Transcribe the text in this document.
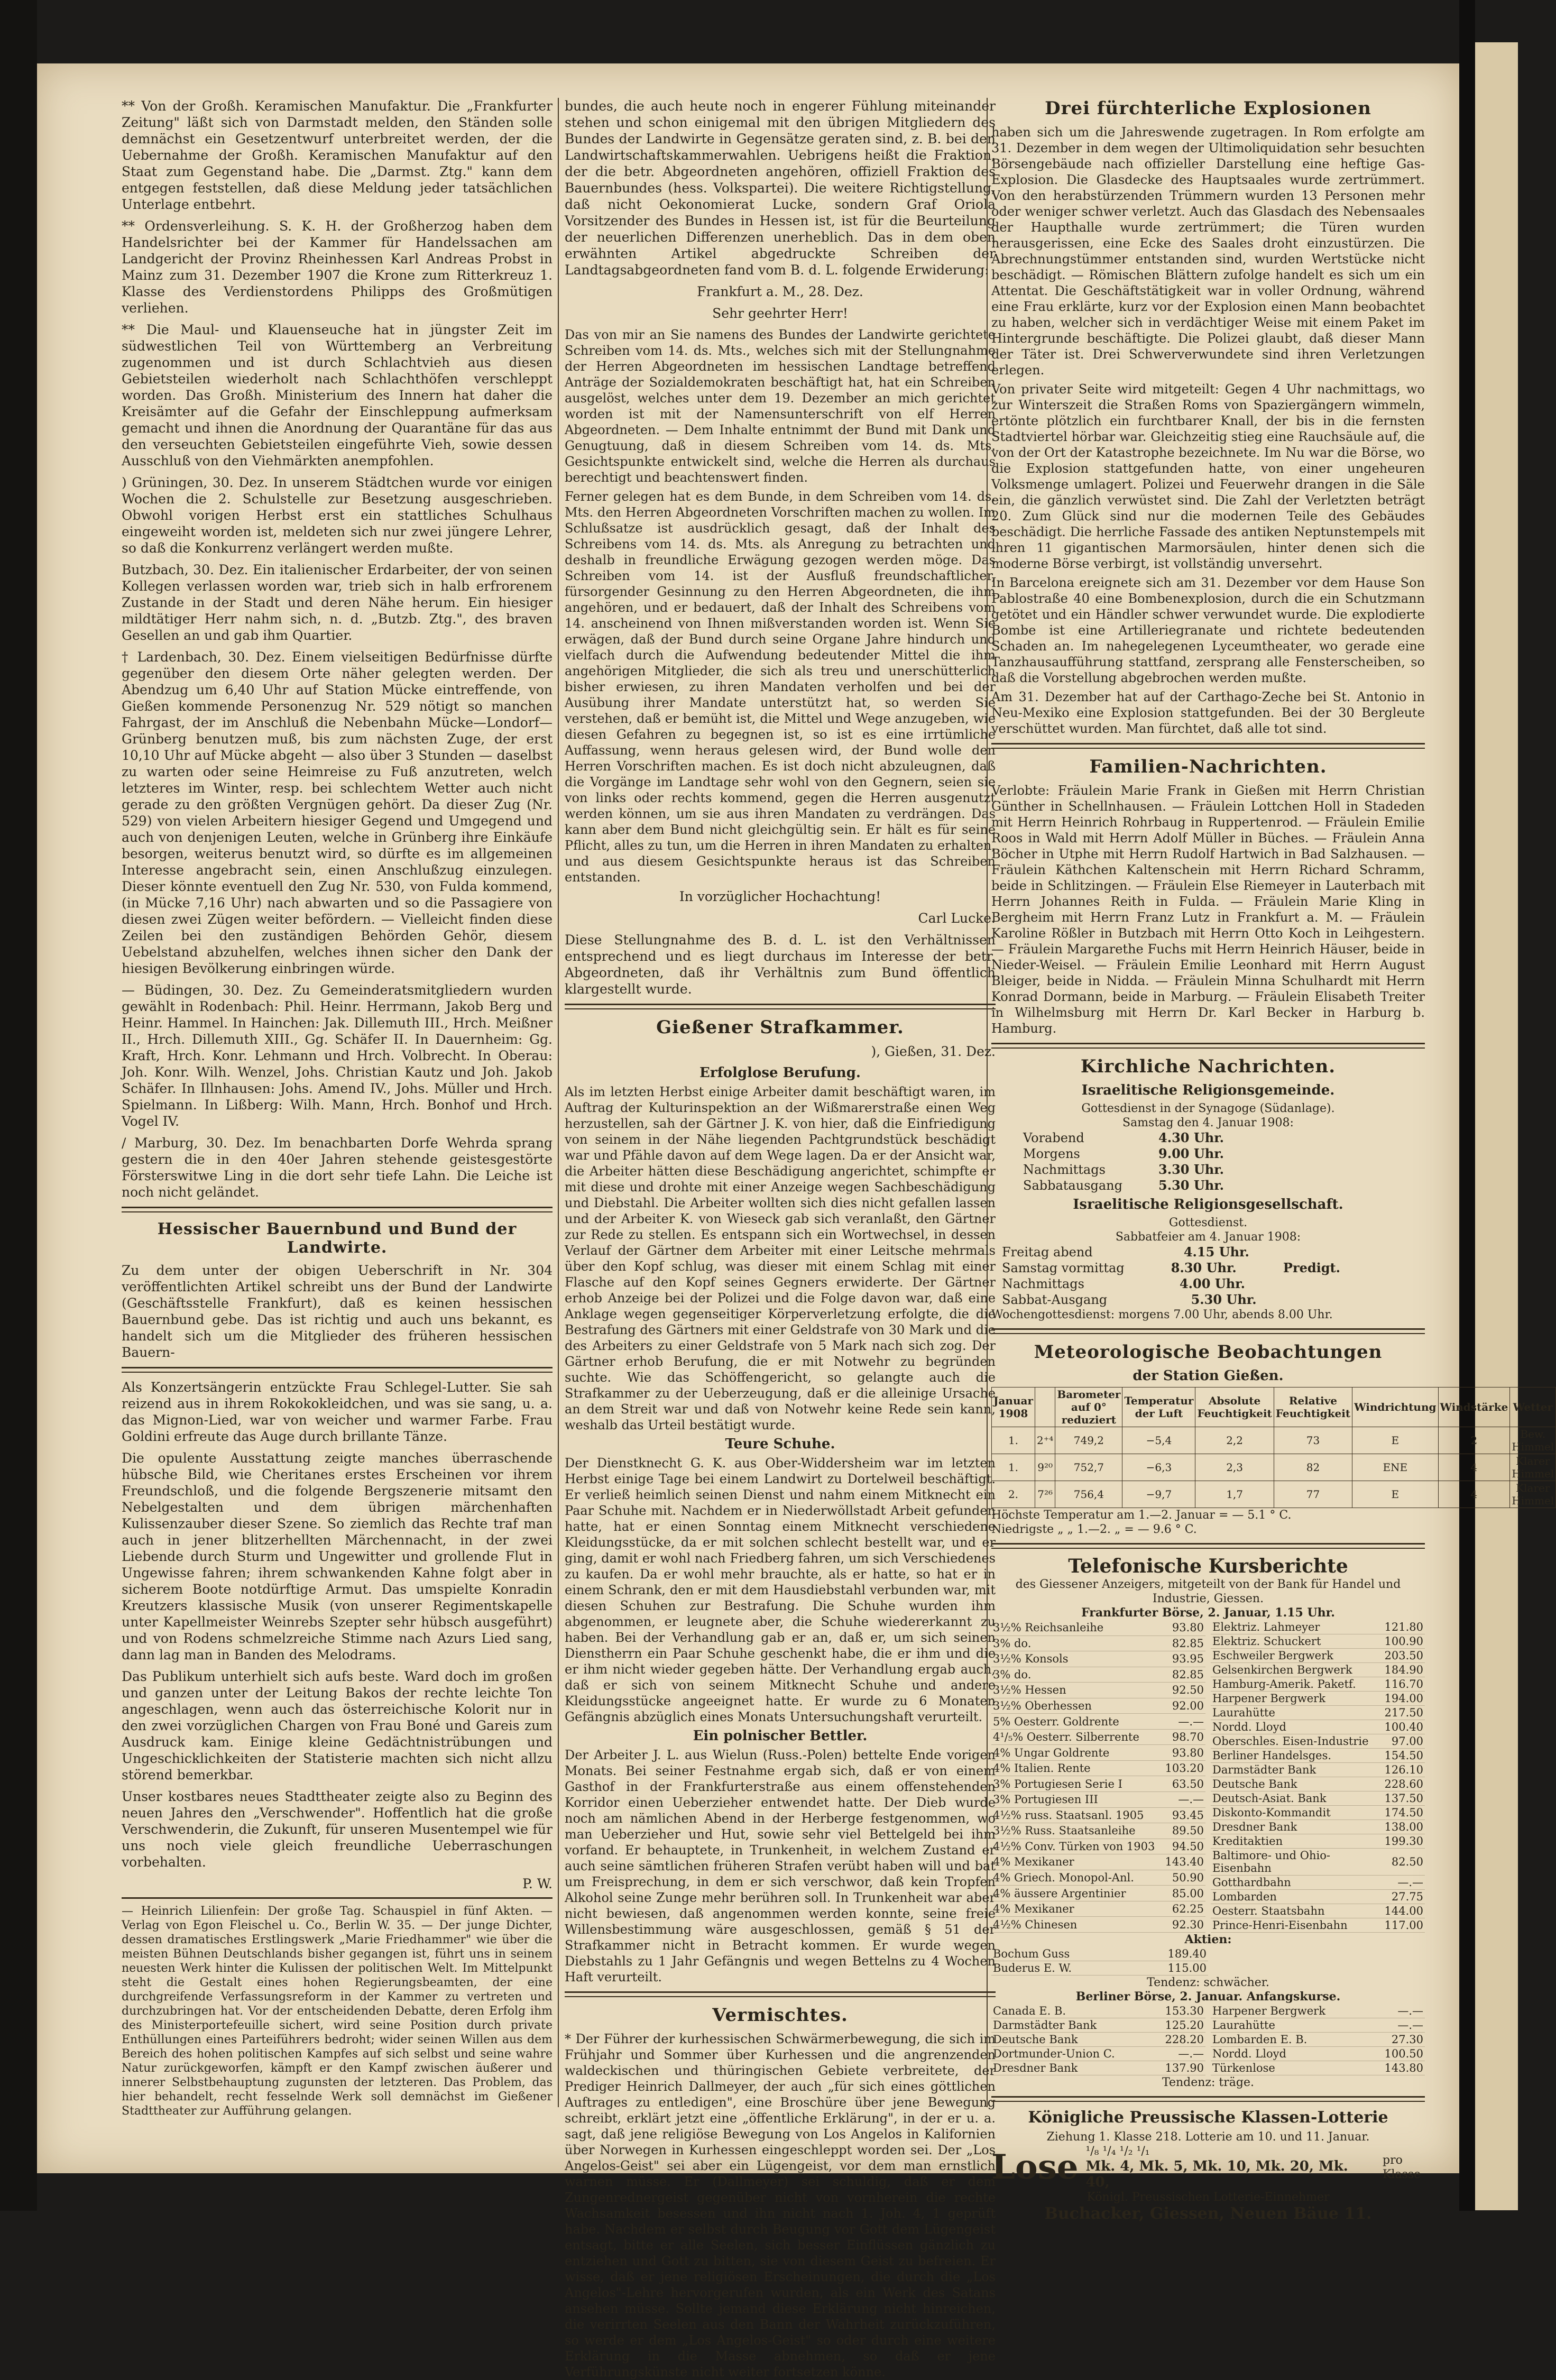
** Von der Großh. Keramischen Manufaktur. Die „Frankfurter Zeitung" läßt sich von Darmstadt melden, den Ständen solle demnächst ein Gesetzentwurf unterbreitet werden, der die Uebernahme der Großh. Keramischen Manufaktur auf den Staat zum Gegenstand habe. Die „Darmst. Ztg." kann dem entgegen feststellen, daß diese Meldung jeder tatsächlichen Unterlage entbehrt.

** Ordensverleihung. S. K. H. der Großherzog haben dem Handelsrichter bei der Kammer für Handelssachen am Landgericht der Provinz Rheinhessen Karl Andreas Probst in Mainz zum 31. Dezember 1907 die Krone zum Ritterkreuz 1. Klasse des Verdienstordens Philipps des Großmütigen verliehen.

** Die Maul- und Klauenseuche hat in jüngster Zeit im südwestlichen Teil von Württemberg an Verbreitung zugenommen und ist durch Schlachtvieh aus diesen Gebietsteilen wiederholt nach Schlachthöfen verschleppt worden. Das Großh. Ministerium des Innern hat daher die Kreisämter auf die Gefahr der Einschleppung aufmerksam gemacht und ihnen die Anordnung der Quarantäne für das aus den verseuchten Gebietsteilen eingeführte Vieh, sowie dessen Ausschluß von den Viehmärkten anempfohlen.

) Grüningen, 30. Dez. In unserem Städtchen wurde vor einigen Wochen die 2. Schulstelle zur Besetzung ausgeschrieben. Obwohl vorigen Herbst erst ein stattliches Schulhaus eingeweiht worden ist, meldeten sich nur zwei jüngere Lehrer, so daß die Konkurrenz verlängert werden mußte.

Butzbach, 30. Dez. Ein italienischer Erdarbeiter, der von seinen Kollegen verlassen worden war, trieb sich in halb erfrorenem Zustande in der Stadt und deren Nähe herum. Ein hiesiger mildtätiger Herr nahm sich, n. d. „Butzb. Ztg.", des braven Gesellen an und gab ihm Quartier.

† Lardenbach, 30. Dez. Einem vielseitigen Bedürfnisse dürfte gegenüber den diesem Orte näher gelegten werden. Der Abendzug um 6,40 Uhr auf Station Mücke eintreffende, von Gießen kommende Personenzug Nr. 529 nötigt so manchen Fahrgast, der im Anschluß die Nebenbahn Mücke—Londorf—Grünberg benutzen muß, bis zum nächsten Zuge, der erst 10,10 Uhr auf Mücke abgeht — also über 3 Stunden — daselbst zu warten oder seine Heimreise zu Fuß anzutreten, welch letzteres im Winter, resp. bei schlechtem Wetter auch nicht gerade zu den größten Vergnügen gehört. Da dieser Zug (Nr. 529) von vielen Arbeitern hiesiger Gegend und Umgegend und auch von denjenigen Leuten, welche in Grünberg ihre Einkäufe besorgen, weiterus benutzt wird, so dürfte es im allgemeinen Interesse angebracht sein, einen Anschlußzug einzulegen. Dieser könnte eventuell den Zug Nr. 530, von Fulda kommend, (in Mücke 7,16 Uhr) nach abwarten und so die Passagiere von diesen zwei Zügen weiter befördern. — Vielleicht finden diese Zeilen bei den zuständigen Behörden Gehör, diesem Uebelstand abzuhelfen, welches ihnen sicher den Dank der hiesigen Bevölkerung einbringen würde.

— Büdingen, 30. Dez. Zu Gemeinderatsmitgliedern wurden gewählt in Rodenbach: Phil. Heinr. Herrmann, Jakob Berg und Heinr. Hammel. In Hainchen: Jak. Dillemuth III., Hrch. Meißner II., Hrch. Dillemuth XIII., Gg. Schäfer II. In Dauernheim: Gg. Kraft, Hrch. Konr. Lehmann und Hrch. Volbrecht. In Oberau: Joh. Konr. Wilh. Wenzel, Johs. Christian Kautz und Joh. Jakob Schäfer. In Illnhausen: Johs. Amend IV., Johs. Müller und Hrch. Spielmann. In Lißberg: Wilh. Mann, Hrch. Bonhof und Hrch. Vogel IV.

/ Marburg, 30. Dez. Im benachbarten Dorfe Wehrda sprang gestern die in den 40er Jahren stehende geistesgestörte Försterswitwe Ling in die dort sehr tiefe Lahn. Die Leiche ist noch nicht geländet.

Hessischer Bauernbund und Bund der Landwirte.

Zu dem unter der obigen Ueberschrift in Nr. 304 veröffentlichten Artikel schreibt uns der Bund der Landwirte (Geschäftsstelle Frankfurt), daß es keinen hessischen Bauernbund gebe. Das ist richtig und auch uns bekannt, es handelt sich um die Mitglieder des früheren hessischen Bauern-

Als Konzertsängerin entzückte Frau Schlegel-Lutter. Sie sah reizend aus in ihrem Rokokokleidchen, und was sie sang, u. a. das Mignon-Lied, war von weicher und warmer Farbe. Frau Goldini erfreute das Auge durch brillante Tänze.

Die opulente Ausstattung zeigte manches überraschende hübsche Bild, wie Cheritanes erstes Erscheinen vor ihrem Freundschloß, und die folgende Bergszenerie mitsamt den Nebelgestalten und dem übrigen märchenhaften Kulissenzauber dieser Szene. So ziemlich das Rechte traf man auch in jener blitzerhellten Märchennacht, in der zwei Liebende durch Sturm und Ungewitter und grollende Flut in Ungewisse fahren; ihrem schwankenden Kahne folgt aber in sicherem Boote notdürftige Armut. Das umspielte Konradin Kreutzers klassische Musik (von unserer Regimentskapelle unter Kapellmeister Weinrebs Szepter sehr hübsch ausgeführt) und von Rodens schmelzreiche Stimme nach Azurs Lied sang, dann lag man in Banden des Melodrams.

Das Publikum unterhielt sich aufs beste. Ward doch im großen und ganzen unter der Leitung Bakos der rechte leichte Ton angeschlagen, wenn auch das österreichische Kolorit nur in den zwei vorzüglichen Chargen von Frau Boné und Gareis zum Ausdruck kam. Einige kleine Gedächtnistrübungen und Ungeschicklichkeiten der Statisterie machten sich nicht allzu störend bemerkbar.

Unser kostbares neues Stadttheater zeigte also zu Beginn des neuen Jahres den „Verschwender". Hoffentlich hat die große Verschwenderin, die Zukunft, für unseren Musentempel wie für uns noch viele gleich freundliche Ueberraschungen vorbehalten.

P. W.

— Heinrich Lilienfein: Der große Tag. Schauspiel in fünf Akten. — Verlag von Egon Fleischel u. Co., Berlin W. 35. — Der junge Dichter, dessen dramatisches Erstlingswerk „Marie Friedhammer" wie über die meisten Bühnen Deutschlands bisher gegangen ist, führt uns in seinem neuesten Werk hinter die Kulissen der politischen Welt. Im Mittelpunkt steht die Gestalt eines hohen Regierungsbeamten, der eine durchgreifende Verfassungsreform in der Kammer zu vertreten und durchzubringen hat. Vor der entscheidenden Debatte, deren Erfolg ihm des Ministerportefeuille sichert, wird seine Position durch private Enthüllungen eines Parteiführers bedroht; wider seinen Willen aus dem Bereich des hohen politischen Kampfes auf sich selbst und seine wahre Natur zurückgeworfen, kämpft er den Kampf zwischen äußerer und innerer Selbstbehauptung zugunsten der letzteren. Das Problem, das hier behandelt, recht fesselnde Werk soll demnächst im Gießener Stadttheater zur Aufführung gelangen.

bundes, die auch heute noch in engerer Fühlung miteinander stehen und schon einigemal mit den übrigen Mitgliedern des Bundes der Landwirte in Gegensätze geraten sind, z. B. bei den Landwirtschaftskammerwahlen. Uebrigens heißt die Fraktion, der die betr. Abgeordneten angehören, offiziell Fraktion des Bauernbundes (hess. Volkspartei). Die weitere Richtigstellung, daß nicht Oekonomierat Lucke, sondern Graf Oriola Vorsitzender des Bundes in Hessen ist, ist für die Beurteilung der neuerlichen Differenzen unerheblich. Das in dem oben erwähnten Artikel abgedruckte Schreiben der Landtagsabgeordneten fand vom B. d. L. folgende Erwiderung:

Frankfurt a. M., 28. Dez.

Sehr geehrter Herr!

Das von mir an Sie namens des Bundes der Landwirte gerichtete Schreiben vom 14. ds. Mts., welches sich mit der Stellungnahme der Herren Abgeordneten im hessischen Landtage betreffend Anträge der Sozialdemokraten beschäftigt hat, hat ein Schreiben ausgelöst, welches unter dem 19. Dezember an mich gerichtet worden ist mit der Namensunterschrift von elf Herren Abgeordneten. — Dem Inhalte entnimmt der Bund mit Dank und Genugtuung, daß in diesem Schreiben vom 14. ds. Mts. Gesichtspunkte entwickelt sind, welche die Herren als durchaus berechtigt und beachtenswert finden.

Ferner gelegen hat es dem Bunde, in dem Schreiben vom 14. ds. Mts. den Herren Abgeordneten Vorschriften machen zu wollen. Im Schlußsatze ist ausdrücklich gesagt, daß der Inhalt des Schreibens vom 14. ds. Mts. als Anregung zu betrachten und deshalb in freundliche Erwägung gezogen werden möge. Das Schreiben vom 14. ist der Ausfluß freundschaftlicher, fürsorgender Gesinnung zu den Herren Abgeordneten, die ihm angehören, und er bedauert, daß der Inhalt des Schreibens vom 14. anscheinend von Ihnen mißverstanden worden ist. Wenn Sie erwägen, daß der Bund durch seine Organe Jahre hindurch und vielfach durch die Aufwendung bedeutender Mittel die ihm angehörigen Mitglieder, die sich als treu und unerschütterlich bisher erwiesen, zu ihren Mandaten verholfen und bei der Ausübung ihrer Mandate unterstützt hat, so werden Sie verstehen, daß er bemüht ist, die Mittel und Wege anzugeben, wie diesen Gefahren zu begegnen ist, so ist es eine irrtümliche Auffassung, wenn heraus gelesen wird, der Bund wolle den Herren Vorschriften machen. Es ist doch nicht abzuleugnen, daß die Vorgänge im Landtage sehr wohl von den Gegnern, seien sie von links oder rechts kommend, gegen die Herren ausgenutzt werden können, um sie aus ihren Mandaten zu verdrängen. Das kann aber dem Bund nicht gleichgültig sein. Er hält es für seine Pflicht, alles zu tun, um die Herren in ihren Mandaten zu erhalten, und aus diesem Gesichtspunkte heraus ist das Schreiben entstanden.

In vorzüglicher Hochachtung!

Carl Lucke.

Diese Stellungnahme des B. d. L. ist den Verhältnissen entsprechend und es liegt durchaus im Interesse der betr. Abgeordneten, daß ihr Verhältnis zum Bund öffentlich klargestellt wurde.

Gießener Strafkammer.

), Gießen, 31. Dez.

Erfolglose Berufung.

Als im letzten Herbst einige Arbeiter damit beschäftigt waren, im Auftrag der Kulturinspektion an der Wißmarerstraße einen Weg herzustellen, sah der Gärtner J. K. von hier, daß die Einfriedigung von seinem in der Nähe liegenden Pachtgrundstück beschädigt war und Pfähle davon auf dem Wege lagen. Da er der Ansicht war, die Arbeiter hätten diese Beschädigung angerichtet, schimpfte er mit diese und drohte mit einer Anzeige wegen Sachbeschädigung und Diebstahl. Die Arbeiter wollten sich dies nicht gefallen lassen und der Arbeiter K. von Wieseck gab sich veranlaßt, den Gärtner zur Rede zu stellen. Es entspann sich ein Wortwechsel, in dessen Verlauf der Gärtner dem Arbeiter mit einer Leitsche mehrmals über den Kopf schlug, was dieser mit einem Schlag mit einer Flasche auf den Kopf seines Gegners erwiderte. Der Gärtner erhob Anzeige bei der Polizei und die Folge davon war, daß eine Anklage wegen gegenseitiger Körperverletzung erfolgte, die die Bestrafung des Gärtners mit einer Geldstrafe von 30 Mark und die des Arbeiters zu einer Geldstrafe von 5 Mark nach sich zog. Der Gärtner erhob Berufung, die er mit Notwehr zu begründen suchte. Wie das Schöffengericht, so gelangte auch die Strafkammer zu der Ueberzeugung, daß er die alleinige Ursache an dem Streit war und daß von Notwehr keine Rede sein kann, weshalb das Urteil bestätigt wurde.

Teure Schuhe.

Der Dienstknecht G. K. aus Ober-Widdersheim war im letzten Herbst einige Tage bei einem Landwirt zu Dortelweil beschäftigt. Er verließ heimlich seinen Dienst und nahm einem Mitknecht ein Paar Schuhe mit. Nachdem er in Niederwöllstadt Arbeit gefunden hatte, hat er einen Sonntag einem Mitknecht verschiedene Kleidungsstücke, da er mit solchen schlecht bestellt war, und er ging, damit er wohl nach Friedberg fahren, um sich Verschiedenes zu kaufen. Da er wohl mehr brauchte, als er hatte, so hat er in einem Schrank, den er mit dem Hausdiebstahl verbunden war, mit diesen Schuhen zur Bestrafung. Die Schuhe wurden ihm abgenommen, er leugnete aber, die Schuhe wiedererkannt zu haben. Bei der Verhandlung gab er an, daß er, um sich seinen Dienstherrn ein Paar Schuhe geschenkt habe, die er ihm und die er ihm nicht wieder gegeben hätte. Der Verhandlung ergab auch, daß er sich von seinem Mitknecht Schuhe und andere Kleidungsstücke angeeignet hatte. Er wurde zu 6 Monaten Gefängnis abzüglich eines Monats Untersuchungshaft verurteilt.

Ein polnischer Bettler.

Der Arbeiter J. L. aus Wielun (Russ.-Polen) bettelte Ende vorigen Monats. Bei seiner Festnahme ergab sich, daß er von einem Gasthof in der Frankfurterstraße aus einem offenstehenden Korridor einen Ueberzieher entwendet hatte. Der Dieb wurde noch am nämlichen Abend in der Herberge festgenommen, wo man Ueberzieher und Hut, sowie sehr viel Bettelgeld bei ihm vorfand. Er behauptete, in Trunkenheit, in welchem Zustand er auch seine sämtlichen früheren Strafen verübt haben will und bat um Freisprechung, in dem er sich verschwor, daß kein Tropfen Alkohol seine Zunge mehr berühren soll. In Trunkenheit war aber nicht bewiesen, daß angenommen werden konnte, seine freie Willensbestimmung wäre ausgeschlossen, gemäß § 51 der Strafkammer nicht in Betracht kommen. Er wurde wegen Diebstahls zu 1 Jahr Gefängnis und wegen Bettelns zu 4 Wochen Haft verurteilt.

Vermischtes.

* Der Führer der kurhessischen Schwärmerbewegung, die sich im Frühjahr und Sommer über Kurhessen und die angrenzenden waldeckischen und thüringischen Gebiete verbreitete, der Prediger Heinrich Dallmeyer, der auch „für sich eines göttlichen Auftrages zu entledigen", eine Broschüre über jene Bewegung schreibt, erklärt jetzt eine „öffentliche Erklärung", in der er u. a. sagt, daß jene religiöse Bewegung von Los Angelos in Kalifornien über Norwegen in Kurhessen eingeschleppt worden sei. Der „Los Angelos-Geist" sei aber ein Lügengeist, vor dem man ernstlich warnen müsse. Er (Dallmeyer) sei schuldig, daß er dem Zungenrednergeist gegenüber nicht von vornherein die rechte Wachsamkeit besessen und ihn nicht nach 1. Joh. 4, 1 geprüft habe. Nachdem er selbst durch Beugung vor Gott dem Lügengeist entsagt, bitte er alle Seelen, sich besser Einflüssen gänzlich zu entziehen und Gott zu bitten, sie von diesem Geist zu befreien. Er wisse, daß er jene religiösen Erscheinungen, die durch die „Los Angelos"-Lehre hervorgerufen wurden, als ein Werk des Satans ansehen müsse. Sollte jemand diese Erklärung nicht hinreichen, die verirrten Seelen aus den Bann der Wahrheit zurückzuführen, so werde er dem „Los Angelos-Geist" so oder durch eine weitere Erklärung in die Masse abnehmen, so daß er jene Verführungskünste nicht weiter fortsetzen könne.

Drei fürchterliche Explosionen

haben sich um die Jahreswende zugetragen. In Rom erfolgte am 31. Dezember in dem wegen der Ultimoliquidation sehr besuchten Börsengebäude nach offizieller Darstellung eine heftige Gas-Explosion. Die Glasdecke des Hauptsaales wurde zertrümmert. Von den herabstürzenden Trümmern wurden 13 Personen mehr oder weniger schwer verletzt. Auch das Glasdach des Nebensaales der Haupthalle wurde zertrümmert; die Türen wurden herausgerissen, eine Ecke des Saales droht einzustürzen. Die Abrechnungstümmer entstanden sind, wurden Wertstücke nicht beschädigt. — Römischen Blättern zufolge handelt es sich um ein Attentat. Die Geschäftstätigkeit war in voller Ordnung, während eine Frau erklärte, kurz vor der Explosion einen Mann beobachtet zu haben, welcher sich in verdächtiger Weise mit einem Paket im Hintergrunde beschäftigte. Die Polizei glaubt, daß dieser Mann der Täter ist. Drei Schwerverwundete sind ihren Verletzungen erlegen.

Von privater Seite wird mitgeteilt: Gegen 4 Uhr nachmittags, wo zur Winterszeit die Straßen Roms von Spaziergängern wimmeln, ertönte plötzlich ein furchtbarer Knall, der bis in die fernsten Stadtviertel hörbar war. Gleichzeitig stieg eine Rauchsäule auf, die von der Ort der Katastrophe bezeichnete. Im Nu war die Börse, wo die Explosion stattgefunden hatte, von einer ungeheuren Volksmenge umlagert. Polizei und Feuerwehr drangen in die Säle ein, die gänzlich verwüstet sind. Die Zahl der Verletzten beträgt 20. Zum Glück sind nur die modernen Teile des Gebäudes beschädigt. Die herrliche Fassade des antiken Neptunstempels mit ihren 11 gigantischen Marmorsäulen, hinter denen sich die moderne Börse verbirgt, ist vollständig unversehrt.

In Barcelona ereignete sich am 31. Dezember vor dem Hause Son Pablostraße 40 eine Bombenexplosion, durch die ein Schutzmann getötet und ein Händler schwer verwundet wurde. Die explodierte Bombe ist eine Artilleriegranate und richtete bedeutenden Schaden an. Im nahegelegenen Lyceumtheater, wo gerade eine Tanzhausaufführung stattfand, zersprang alle Fensterscheiben, so daß die Vorstellung abgebrochen werden mußte.

Am 31. Dezember hat auf der Carthago-Zeche bei St. Antonio in Neu-Mexiko eine Explosion stattgefunden. Bei der 30 Bergleute verschüttet wurden. Man fürchtet, daß alle tot sind.

Familien-Nachrichten.

Verlobte: Fräulein Marie Frank in Gießen mit Herrn Christian Günther in Schellnhausen. — Fräulein Lottchen Holl in Stadeden mit Herrn Heinrich Rohrbaug in Ruppertenrod. — Fräulein Emilie Roos in Wald mit Herrn Adolf Müller in Büches. — Fräulein Anna Böcher in Utphe mit Herrn Rudolf Hartwich in Bad Salzhausen. — Fräulein Käthchen Kaltenschein mit Herrn Richard Schramm, beide in Schlitzingen. — Fräulein Else Riemeyer in Lauterbach mit Herrn Johannes Reith in Fulda. — Fräulein Marie Kling in Bergheim mit Herrn Franz Lutz in Frankfurt a. M. — Fräulein Karoline Rößler in Butzbach mit Herrn Otto Koch in Leihgestern. — Fräulein Margarethe Fuchs mit Herrn Heinrich Häuser, beide in Nieder-Weisel. — Fräulein Emilie Leonhard mit Herrn August Bleiger, beide in Nidda. — Fräulein Minna Schulhardt mit Herrn Konrad Dormann, beide in Marburg. — Fräulein Elisabeth Treiter in Wilhelmsburg mit Herrn Dr. Karl Becker in Harburg b. Hamburg.

Kirchliche Nachrichten.
Israelitische Religionsgemeinde.
Gottesdienst in der Synagoge (Südanlage).
Samstag den 4. Januar 1908:
Vorabend	4.30 Uhr.
Morgens	9.00 Uhr.
Nachmittags	3.30 Uhr.
Sabbatausgang	5.30 Uhr.
Israelitische Religionsgesellschaft.
Gottesdienst.
Sabbatfeier am 4. Januar 1908:
Freitag abend	4.15 Uhr.
Samstag vormittag	8.30 Uhr.	Predigt.
Nachmittags	4.00 Uhr.
Sabbat-Ausgang	5.30 Uhr.
Wochengottesdienst: morgens 7.00 Uhr, abends 8.00 Uhr.
Meteorologische Beobachtungen
der Station Gießen.
Januar 1908		Barometer auf 0° reduziert	Temperatur der Luft	Absolute Feuchtigkeit	Relative Feuchtigkeit	Windrichtung	Windstärke	Wetter
1.	2⁺⁴	749,2	−5,4	2,2	73	E	2	Bew. Himmel
1.	9²⁰	752,7	−6,3	2,3	82	ENE	4	Klarer Himmel
2.	7²⁶	756,4	−9,7	1,7	77	E	4	Klarer Himmel
Höchste Temperatur am 1.—2. Januar = — 5.1 ° C.
Niedrigste „ „ 1.—2. „ = — 9.6 ° C.
Telefonische Kursberichte
des Giessener Anzeigers, mitgeteilt von der Bank für Handel und Industrie, Giessen.
Frankfurter Börse, 2. Januar, 1.15 Uhr.
3½% Reichsanleihe	93.80
3% do.	82.85
3½% Konsols	93.95
3% do.	82.85
3½% Hessen	92.50
3½% Oberhessen	92.00
5% Oesterr. Goldrente	—.—
4¹/₅% Oesterr. Silberrente	98.70
4% Ungar Goldrente	93.80
4% Italien. Rente	103.20
3% Portugiesen Serie I	63.50
3% Portugiesen III	—.—
4½% russ. Staatsanl. 1905	93.45
3½% Russ. Staatsanleihe	89.50
4½% Conv. Türken von 1903	94.50
4% Mexikaner	143.40
4% Griech. Monopol-Anl.	50.90
4% äussere Argentinier	85.00
4% Mexikaner	62.25
4½% Chinesen	92.30
Elektriz. Lahmeyer	121.80
Elektriz. Schuckert	100.90
Eschweiler Bergwerk	203.50
Gelsenkirchen Bergwerk	184.90
Hamburg-Amerik. Paketf.	116.70
Harpener Bergwerk	194.00
Laurahütte	217.50
Nordd. Lloyd	100.40
Oberschles. Eisen-Industrie	97.00
Berliner Handelsges.	154.50
Darmstädter Bank	126.10
Deutsche Bank	228.60
Deutsch-Asiat. Bank	137.50
Diskonto-Kommandit	174.50
Dresdner Bank	138.00
Kreditaktien	199.30
Baltimore- und Ohio-Eisenbahn	82.50
Gotthardbahn	—.—
Lombarden	27.75
Oesterr. Staatsbahn	144.00
Prince-Henri-Eisenbahn	117.00
Aktien:
Bochum Guss	189.40
Buderus E. W.	115.00
Tendenz: schwächer.
Berliner Börse, 2. Januar. Anfangskurse.
Canada E. B.	153.30
Darmstädter Bank	125.20
Deutsche Bank	228.20
Dortmunder-Union C.	—.—
Dresdner Bank	137.90
Harpener Bergwerk	—.—
Laurahütte	—.—
Lombarden E. B.	27.30
Nordd. Lloyd	100.50
Türkenlose	143.80
Tendenz: träge.
Königliche Preussische Klassen-Lotterie
Ziehung 1. Klasse 218. Lotterie am 10. und 11. Januar.
Lose ¹/₈ ¹/₄ ¹/₂ ¹/₁
Mk. 4, Mk. 5, Mk. 10, Mk. 20, Mk. 40,
pro Klasse
Königl. Preussischen Lotterie-Einnehmer
Buchacker, Giessen, Neuen Bäue 11.
